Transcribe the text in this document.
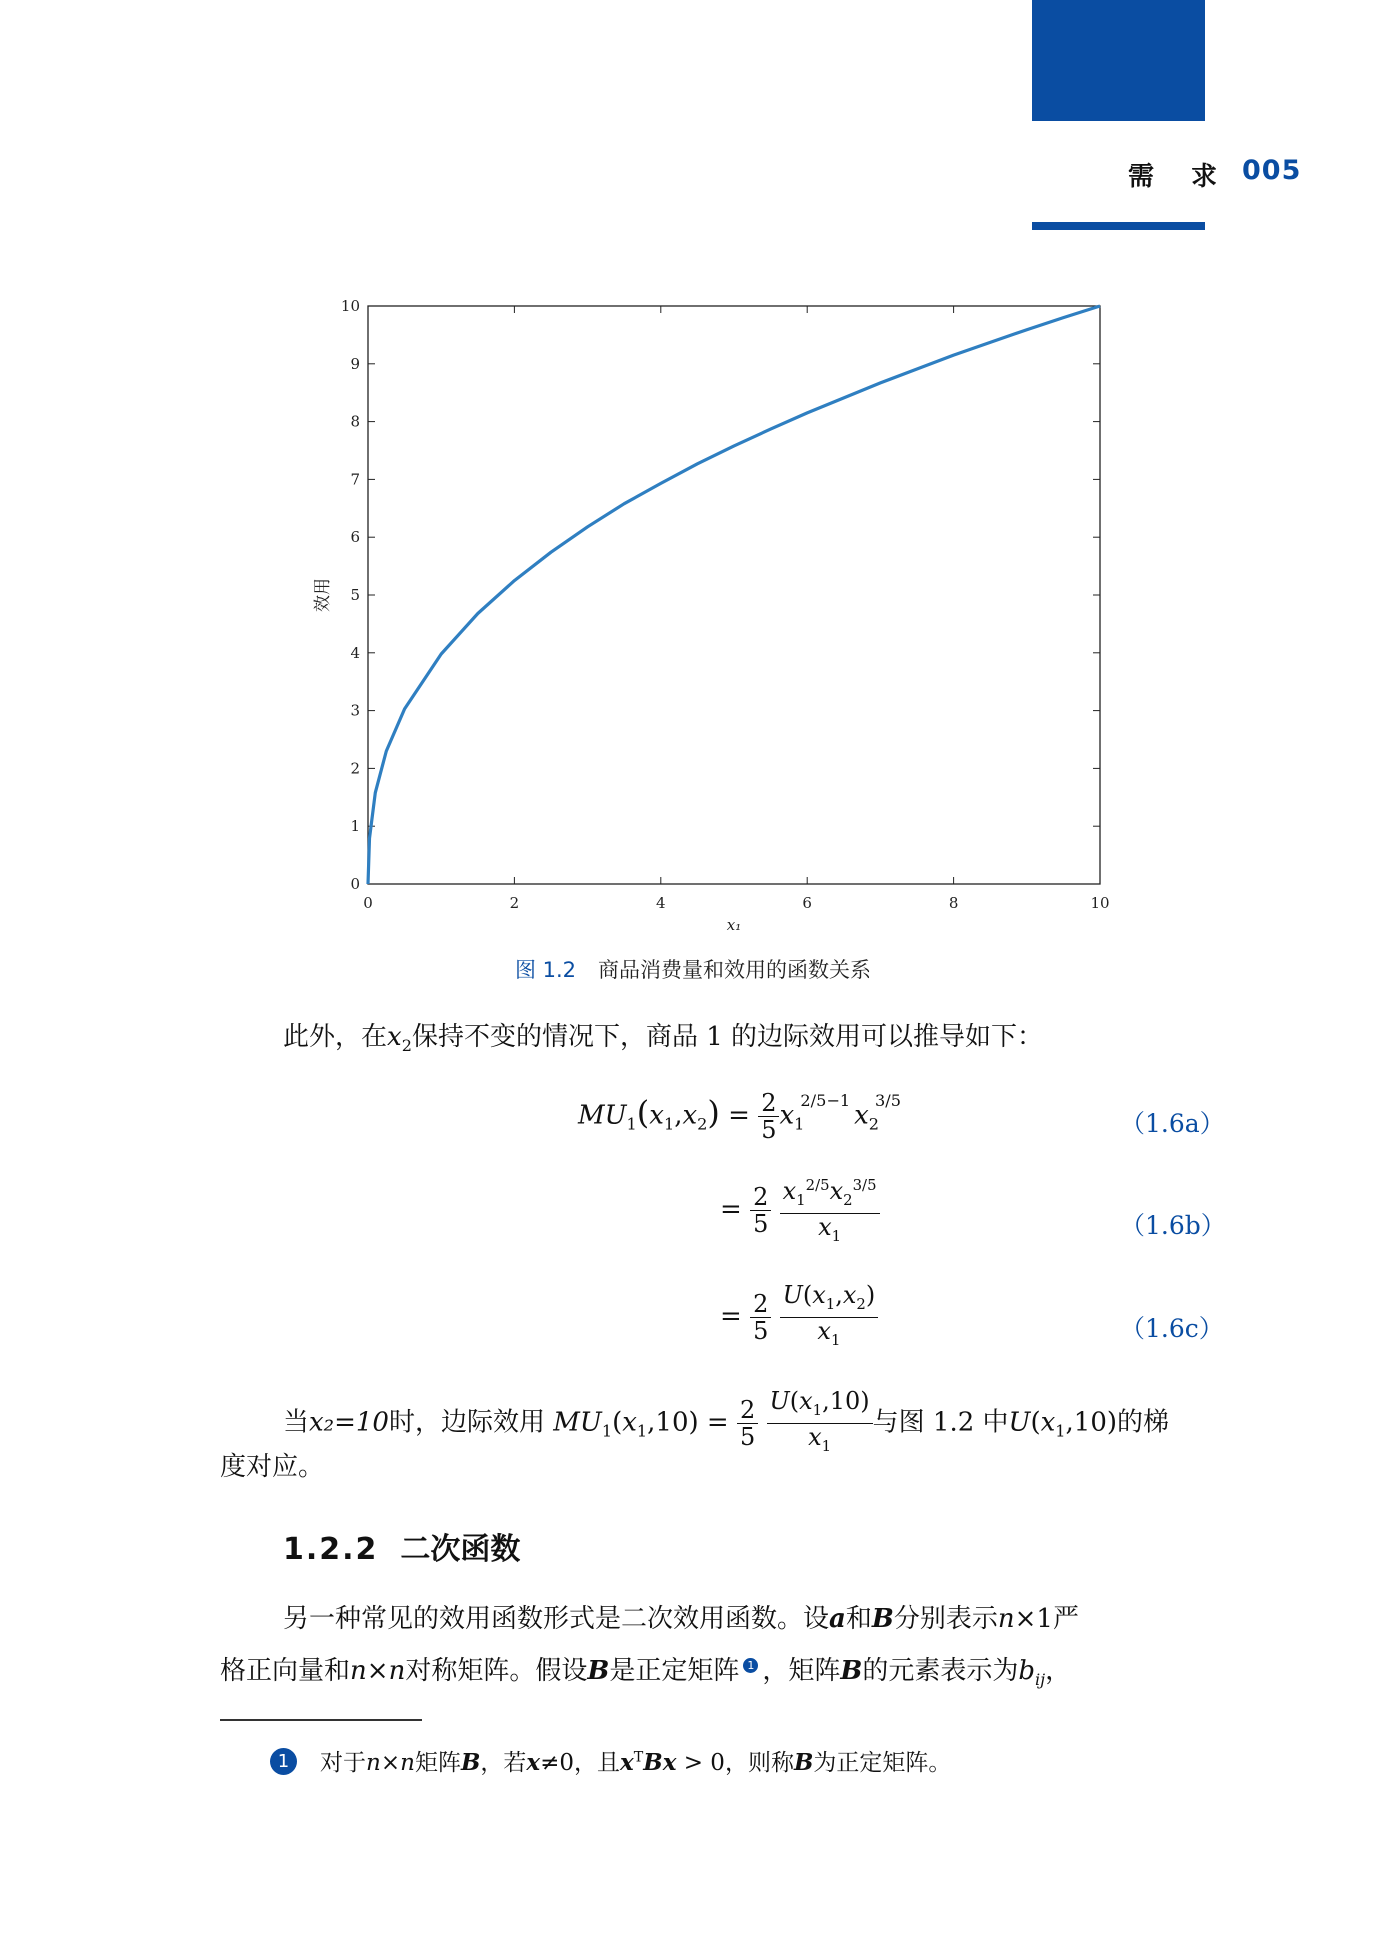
需 求 005
0	2	4	6	8	10
0
1
2
3
4
5
6
7
8
9
10
x₁
效用
图 1.2 商品消费量和效用的函数关系
此外，在$x_2$保持不变的情况下，商品 1 的边际效用可以推导如下：
$MU_1(x_1,x_2) = \frac{2}{5} x_1^{2/5-1}x_2^{3/5}$
（1.6a）
= $\frac{2}{5}$
$\frac{x_1^{2/5}x_2^{3/5}}{x_1}$	（1.6b）
= $\frac{2}{5}$
$\frac{U(x_1,x_2)}{x_1}$	（1.6c）
当x₂=10时，边际效用 $MU_1(x_1,10) = \frac{2}{5}$
$\frac{U(x_1,10)}{x_1}$ 与图 1.2 中$U(x_1,10)$的梯
度对应。
1.2.2 二次函数
另一种常见的效用函数形式是二次效用函数。设a和B分别表示n×1严
格正向量和n×n对称矩阵。假设B是正定矩阵 1 ，矩阵B的元素表示为$b_{ij}$，
1	对于n×n矩阵B，若x≠0，且$x^TBx > 0$，则称B为正定矩阵。
